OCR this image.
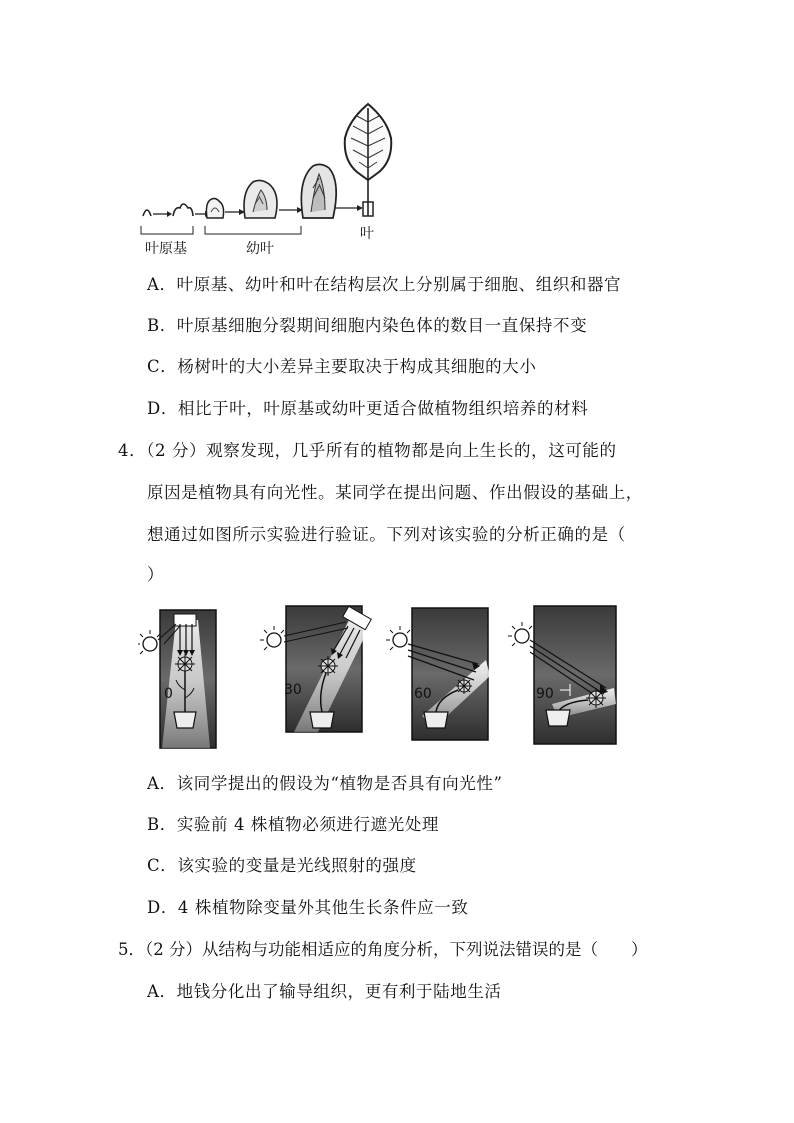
叶原基	幼叶
叶
A．叶原基、幼叶和叶在结构层次上分别属于细胞、组织和器官
B．叶原基细胞分裂期间细胞内染色体的数目一直保持不变
C．杨树叶的大小差异主要取决于构成其细胞的大小
D．相比于叶，叶原基或幼叶更适合做植物组织培养的材料
4．（2 分）观察发现，几乎所有的植物都是向上生长的，这可能的
原因是植物具有向光性。某同学在提出问题、作出假设的基础上，
想通过如图所示实验进行验证。下列对该实验的分析正确的是（
）
0	30	60	90
A．该同学提出的假设为“植物是否具有向光性”
B．实验前 4 株植物必须进行遮光处理
C．该实验的变量是光线照射的强度
D．4 株植物除变量外其他生长条件应一致
5．（2 分）从结构与功能相适应的角度分析，下列说法错误的是（　　）
A．地钱分化出了输导组织，更有利于陆地生活
